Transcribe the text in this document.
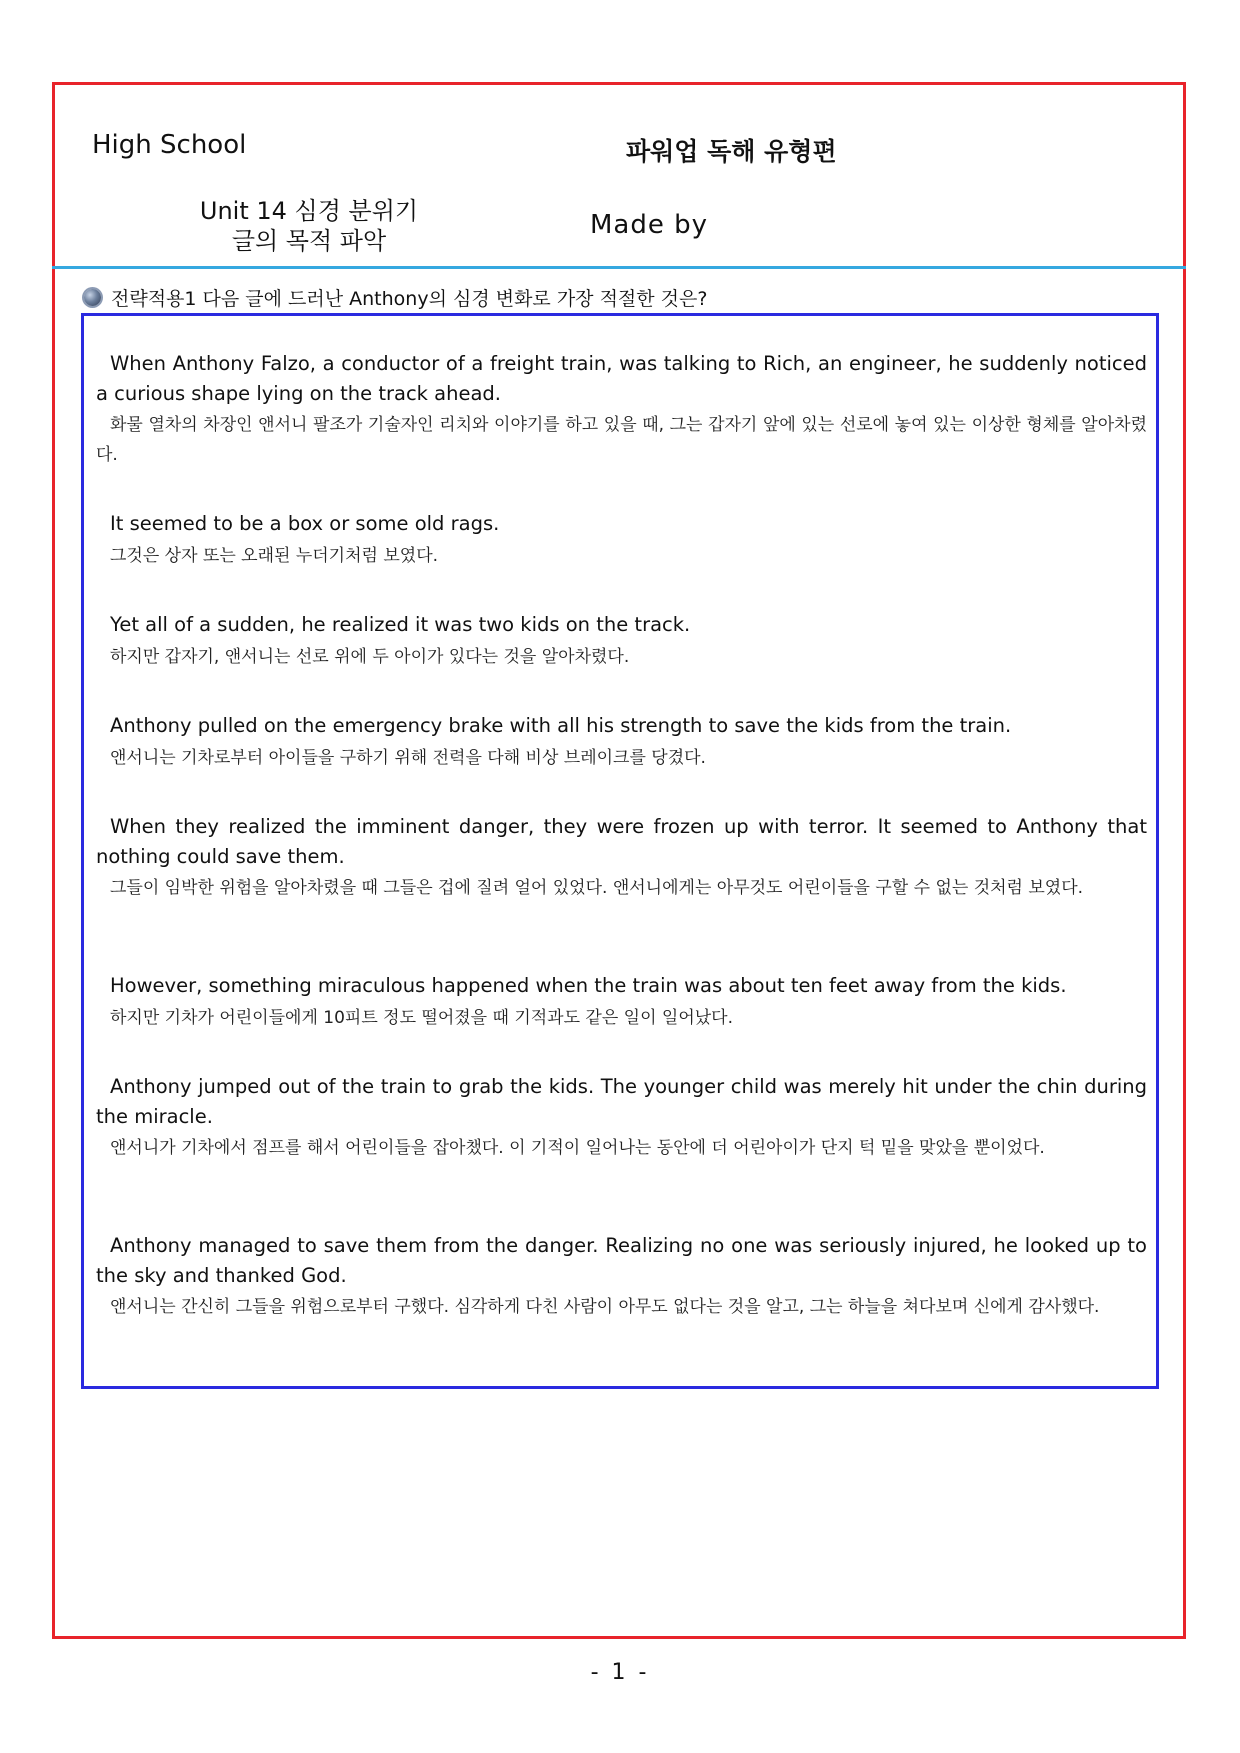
High School	파워업 독해 유형편
Unit 14 심경 분위기
글의 목적 파악
Made by
전략적용1 다음 글에 드러난 Anthony의 심경 변화로 가장 적절한 것은?

When Anthony Falzo, a conductor of a freight train, was talking to Rich, an engineer, he suddenly noticed a curious shape lying on the track ahead.

화물 열차의 차장인 앤서니 팔조가 기술자인 리치와 이야기를 하고 있을 때, 그는 갑자기 앞에 있는 선로에 놓여 있는 이상한 형체를 알아차렸다.

It seemed to be a box or some old rags.

그것은 상자 또는 오래된 누더기처럼 보였다.

Yet all of a sudden, he realized it was two kids on the track.

하지만 갑자기, 앤서니는 선로 위에 두 아이가 있다는 것을 알아차렸다.

Anthony pulled on the emergency brake with all his strength to save the kids from the train.

앤서니는 기차로부터 아이들을 구하기 위해 전력을 다해 비상 브레이크를 당겼다.

When they realized the imminent danger, they were frozen up with terror. It seemed to Anthony that nothing could save them.

그들이 임박한 위험을 알아차렸을 때 그들은 겁에 질려 얼어 있었다. 앤서니에게는 아무것도 어린이들을 구할 수 없는 것처럼 보였다.

However, something miraculous happened when the train was about ten feet away from the kids.

하지만 기차가 어린이들에게 10피트 정도 떨어졌을 때 기적과도 같은 일이 일어났다.

Anthony jumped out of the train to grab the kids. The younger child was merely hit under the chin during the miracle.

앤서니가 기차에서 점프를 해서 어린이들을 잡아챘다. 이 기적이 일어나는 동안에 더 어린아이가 단지 턱 밑을 맞았을 뿐이었다.

Anthony managed to save them from the danger. Realizing no one was seriously injured, he looked up to the sky and thanked God.

앤서니는 간신히 그들을 위험으로부터 구했다. 심각하게 다친 사람이 아무도 없다는 것을 알고, 그는 하늘을 쳐다보며 신에게 감사했다.

- 1 -
